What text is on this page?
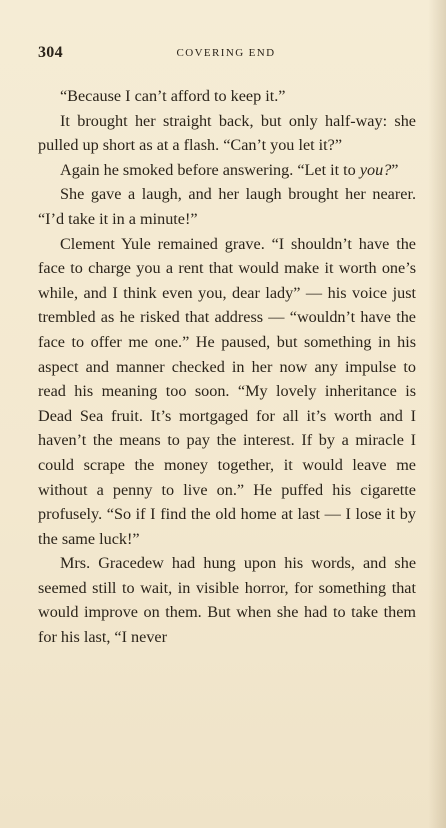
304	COVERING END

“Because I can’t afford to keep it.”

It brought her straight back, but only half-way: she pulled up short as at a flash. “Can’t you let it?”

Again he smoked before answering. “Let it to you?”

She gave a laugh, and her laugh brought her nearer. “I’d take it in a minute!”

Clement Yule remained grave. “I shouldn’t have the face to charge you a rent that would make it worth one’s while, and I think even you, dear lady” — his voice just trembled as he risked that address — “wouldn’t have the face to offer me one.” He paused, but something in his aspect and manner checked in her now any impulse to read his meaning too soon. “My lovely inheritance is Dead Sea fruit. It’s mortgaged for all it’s worth and I haven’t the means to pay the interest. If by a miracle I could scrape the money together, it would leave me without a penny to live on.” He puffed his cigarette profusely. “So if I find the old home at last — I lose it by the same luck!”

Mrs. Gracedew had hung upon his words, and she seemed still to wait, in visible horror, for something that would improve on them. But when she had to take them for his last, “I never
